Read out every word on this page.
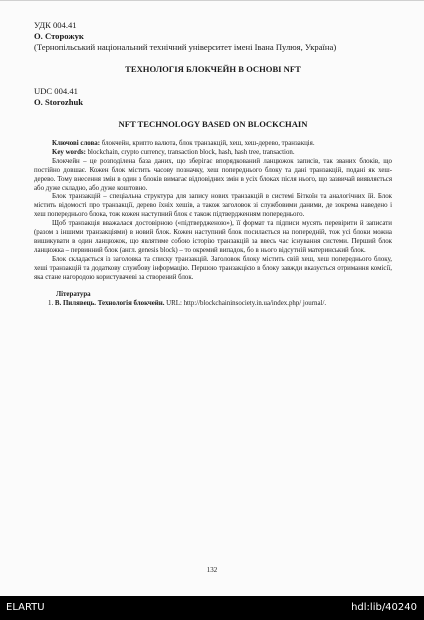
УДК 004.41

О. Сторожук

(Тернопільський національний технічний університет імені Івана Пулюя, Україна)

ТЕХНОЛОГІЯ БЛОКЧЕЙН В ОСНОВІ NFT

UDC 004.41

O. Storozhuk

NFT TECHNOLOGY BASED ON BLOCKCHAIN

Ключові слова: блокчейн, крипто валюта, блок транзакцій, хеш, хеш-дерево, транзакція.

Key words: blockchain, crypto currency, transaction block, hash, hash tree, transaction.

Блокчейн – це розподілена база даних, що зберігає впорядкований ланцюжок записів, так званих блоків, що постійно довшає. Кожен блок містить часову позначку, хеш попереднього блоку та дані транзакцій, подані як хеш-дерево. Тому внесення змін в один з блоків вимагає відповідних змін в усіх блоках після нього, що зазвичай виявляється або дуже складно, або дуже коштовно.

Блок транзакцій – спеціальна структура для запису нових транзакцій в системі Біткоїн та аналогічних їй. Блок містить відомості про транзакції, дерево їхніх хешів, а також заголовок зі службовими даними, де зокрема наведено і хеш попереднього блока, тож кожен наступний блок є також підтвердженням попереднього.

Щоб транзакція вважалася достовірною («підтвердженою»), її формат та підписи мусять перевірити й записати (разом з іншими транзакціями) в новий блок. Кожен наступний блок посилається на попередній, тож усі блоки можна вишикувати в один ланцюжок, що являтиме собою історію транзакцій за ввесь час існування системи. Перший блок ланцюжка – первинний блок (англ. genesis block) – то окремий випадок, бо в нього відсутній материнський блок.

Блок складається із заголовка та списку транзакцій. Заголовок блоку містить свій хеш, хеш попереднього блоку, хеші транзакцій та додаткову службову інформацію. Першою транзакцією в блоку завжди вказується отримання комісії, яка стане нагородою користувачеві за створений блок.

Література

1. В. Пилявець. Технологія блокчейн. URL: http://blockchaininsociety.in.ua/index.php/ journal/.

132
ELARTU	hdl:lib/40240
